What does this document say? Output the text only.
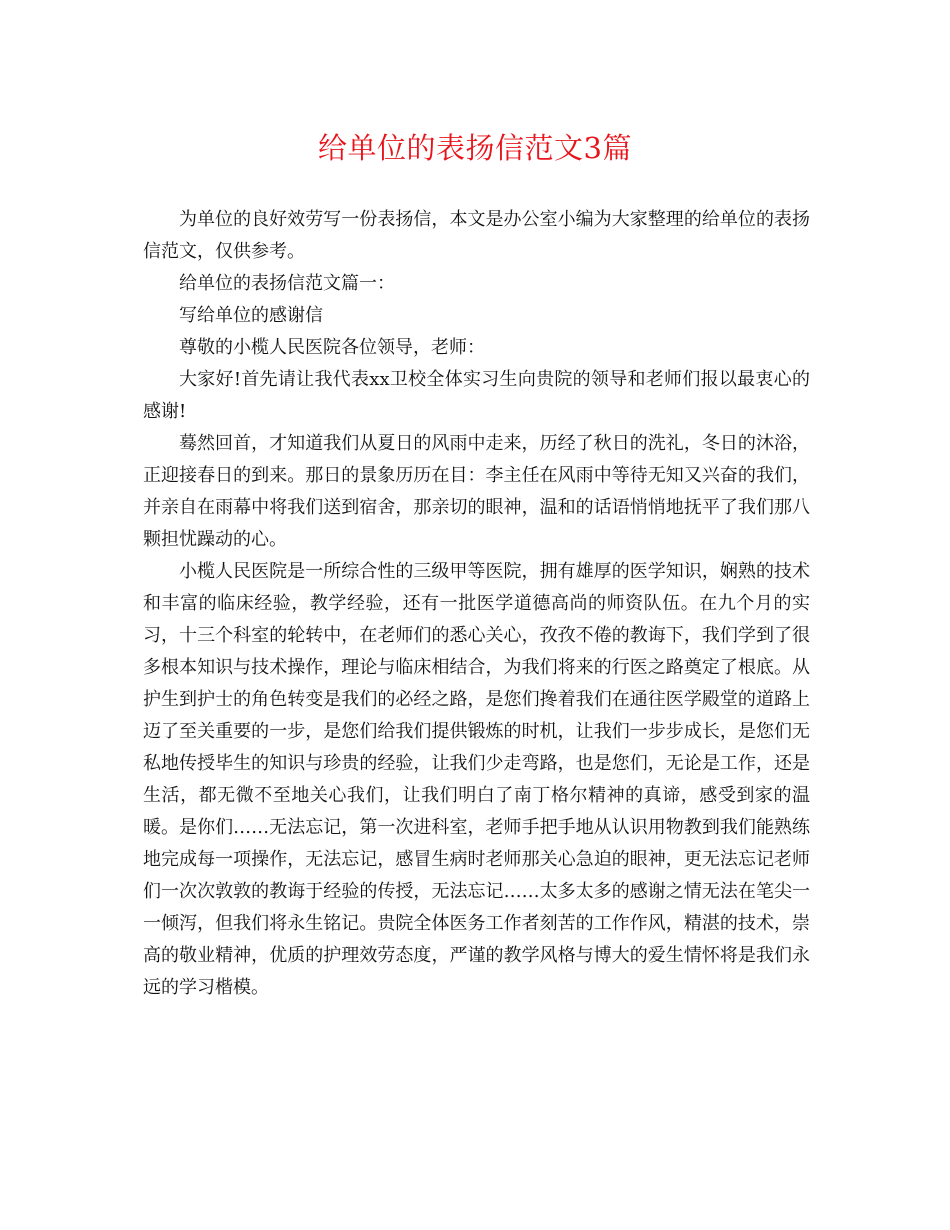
给单位的表扬信范文3篇

为单位的良好效劳写一份表扬信，本文是办公室小编为大家整理的给单位的表扬信范文，仅供参考。

给单位的表扬信范文篇一：

写给单位的感谢信

尊敬的小榄人民医院各位领导，老师：

大家好!首先请让我代表xx卫校全体实习生向贵院的领导和老师们报以最衷心的感谢!

蓦然回首，才知道我们从夏日的风雨中走来，历经了秋日的洗礼，冬日的沐浴，正迎接春日的到来。那日的景象历历在目：李主任在风雨中等待无知又兴奋的我们，并亲自在雨幕中将我们送到宿舍，那亲切的眼神，温和的话语悄悄地抚平了我们那八颗担忧躁动的心。

小榄人民医院是一所综合性的三级甲等医院，拥有雄厚的医学知识，娴熟的技术和丰富的临床经验，教学经验，还有一批医学道德高尚的师资队伍。在九个月的实习，十三个科室的轮转中，在老师们的悉心关心，孜孜不倦的教诲下，我们学到了很多根本知识与技术操作，理论与临床相结合，为我们将来的行医之路奠定了根底。从护生到护士的角色转变是我们的必经之路，是您们搀着我们在通往医学殿堂的道路上迈了至关重要的一步，是您们给我们提供锻炼的时机，让我们一步步成长，是您们无私地传授毕生的知识与珍贵的经验，让我们少走弯路，也是您们，无论是工作，还是生活，都无微不至地关心我们，让我们明白了南丁格尔精神的真谛，感受到家的温暖。是你们……无法忘记，第一次进科室，老师手把手地从认识用物教到我们能熟练地完成每一项操作，无法忘记，感冒生病时老师那关心急迫的眼神，更无法忘记老师们一次次敦敦的教诲于经验的传授，无法忘记……太多太多的感谢之情无法在笔尖一一倾泻，但我们将永生铭记。贵院全体医务工作者刻苦的工作作风，精湛的技术，崇高的敬业精神，优质的护理效劳态度，严谨的教学风格与博大的爱生情怀将是我们永远的学习楷模。
